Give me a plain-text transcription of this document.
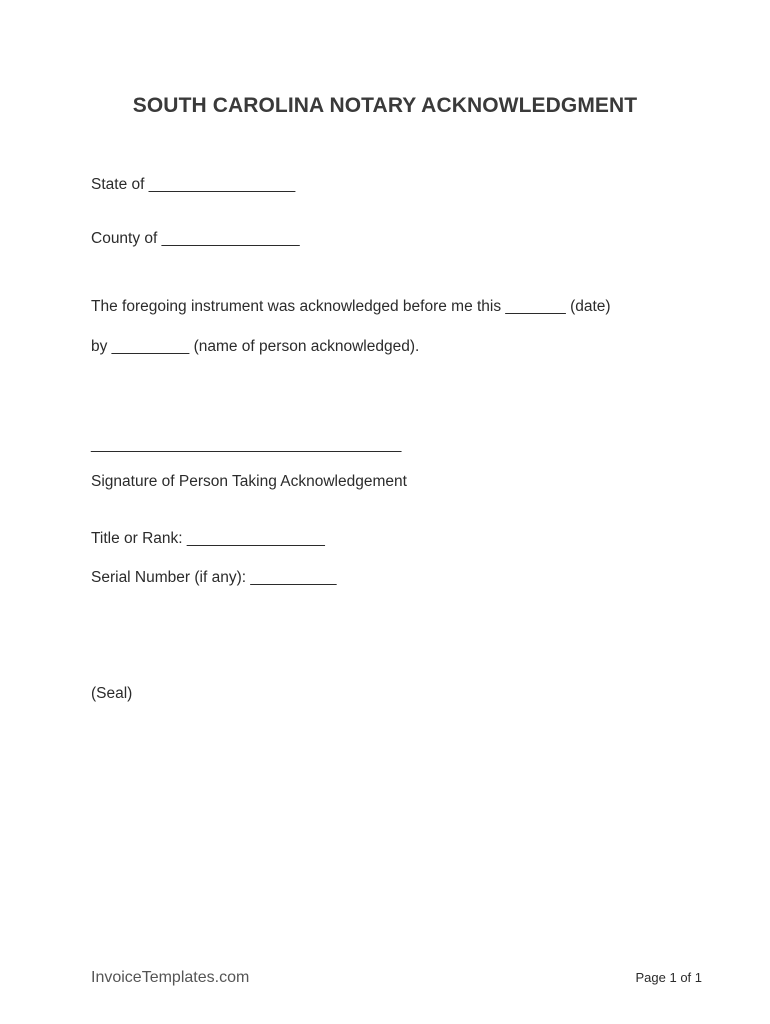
SOUTH CAROLINA NOTARY ACKNOWLEDGMENT
State of _________________
County of ________________
The foregoing instrument was acknowledged before me this _______ (date)
by _________ (name of person acknowledged).
____________________________________
Signature of Person Taking Acknowledgement
Title or Rank: ________________
Serial Number (if any): __________
(Seal)
InvoiceTemplates.com	Page 1 of 1
